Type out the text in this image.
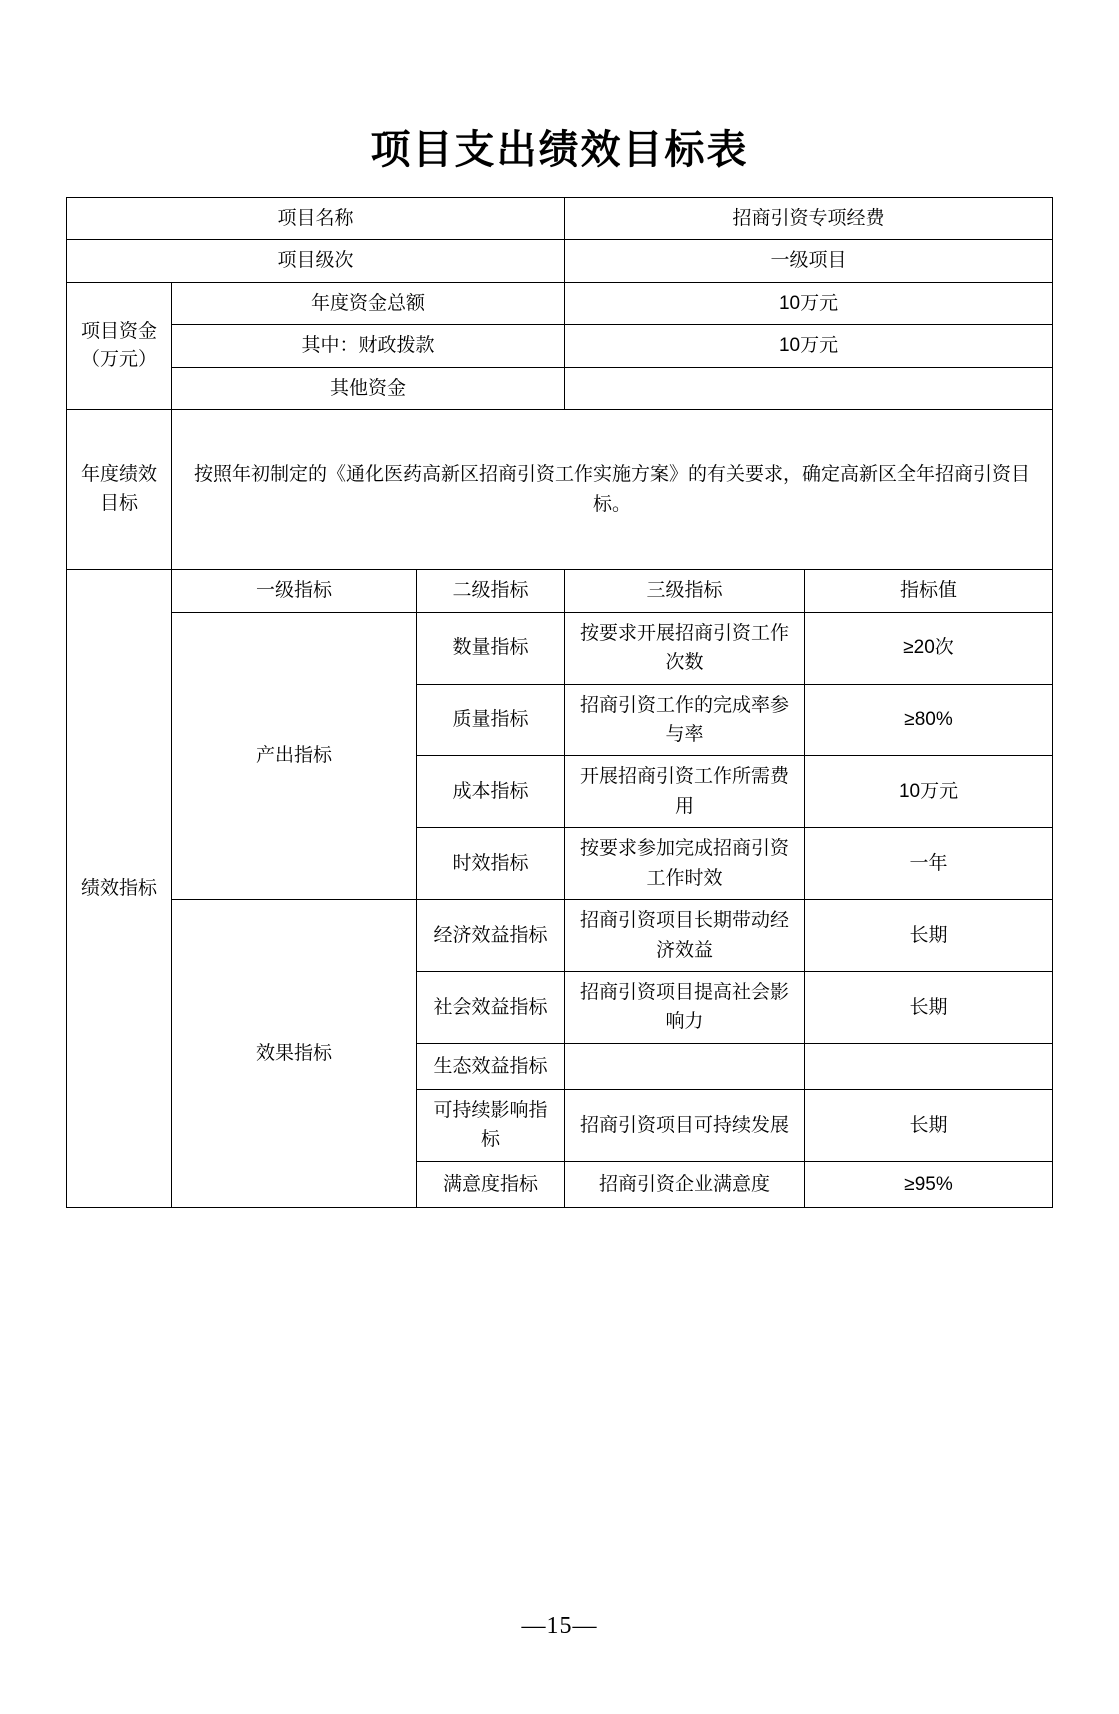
项目支出绩效目标表
项目名称			招商引资专项经费	
项目级次			一级项目	

项目资金
（万元）	年度资金总额		10万元	
	其中：财政拨款		10万元	
	其他资金			

年度绩效
目标	按照年初制定的《通化医药高新区招商引资工作实施方案》的有关要求，确定高新区全年招商引资目标。			
绩效指标	一级指标	二级指标	三级指标	指标值
	产出指标	数量指标	按要求开展招商引资工作次数	≥20次
		质量指标	招商引资工作的完成率参与率	≥80%
		成本指标	开展招商引资工作所需费用	10万元
		时效指标	按要求参加完成招商引资工作时效	一年
	效果指标	经济效益指标	招商引资项目长期带动经济效益	长期
		社会效益指标	招商引资项目提高社会影响力	长期
		生态效益指标		
		可持续影响指标	招商引资项目可持续发展	长期
		满意度指标	招商引资企业满意度	≥95%
—15—
